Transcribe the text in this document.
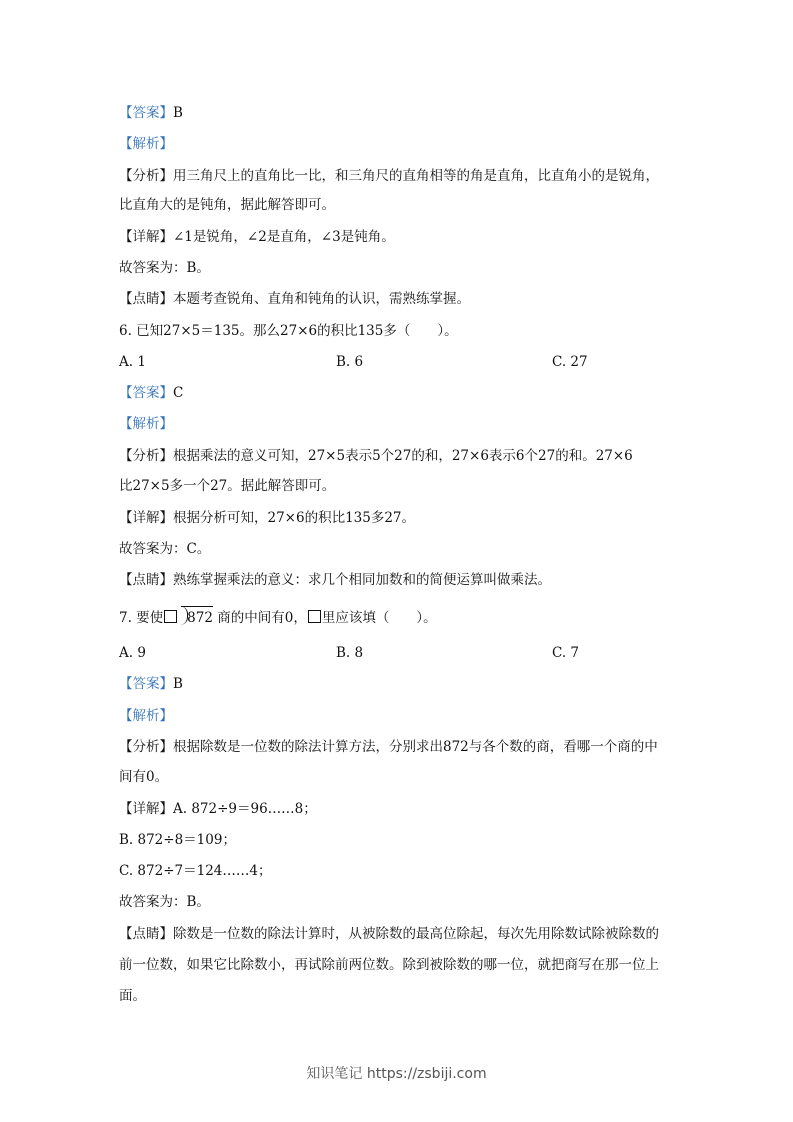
【答案】B
【解析】
【分析】用三角尺上的直角比一比，和三角尺的直角相等的角是直角，比直角小的是锐角，
比直角大的是钝角，据此解答即可。
【详解】∠1是锐角，∠2是直角，∠3是钝角。
故答案为：B。
【点睛】本题考查锐角、直角和钝角的认识，需熟练掌握。
6. 已知27×5＝135。那么27×6的积比135多（　　）。
A. 1	B. 6	C. 27
【答案】C
【解析】
【分析】根据乘法的意义可知，27×5表示5个27的和，27×6表示6个27的和。27×6
比27×5多一个27。据此解答即可。
【详解】根据分析可知，27×6的积比135多27。
故答案为：C。
【点睛】熟练掌握乘法的意义：求几个相同加数和的简便运算叫做乘法。
7. 要使 872 商的中间有0， 里应该填（　　）。
A. 9	B. 8	C. 7
【答案】B
【解析】
【分析】根据除数是一位数的除法计算方法，分别求出872与各个数的商，看哪一个商的中
间有0。
【详解】A. 872÷9＝96……8；
B. 872÷8＝109；
C. 872÷7＝124……4；
故答案为：B。
【点睛】除数是一位数的除法计算时，从被除数的最高位除起，每次先用除数试除被除数的
前一位数，如果它比除数小，再试除前两位数。除到被除数的哪一位，就把商写在那一位上
面。
知识笔记 https://zsbiji.com
